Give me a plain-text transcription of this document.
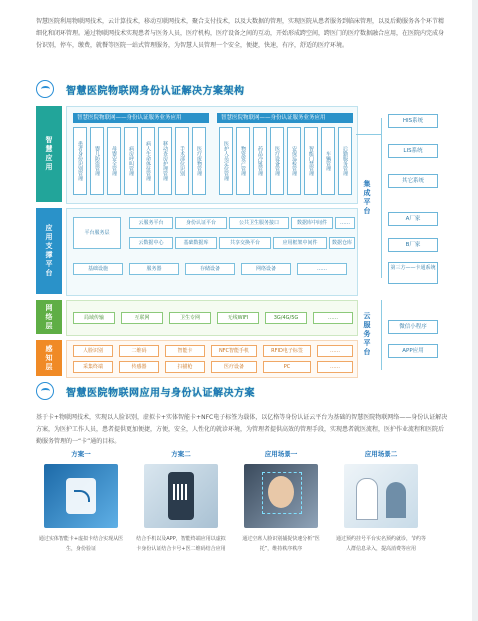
智慧医院利用物联网技术，云计算技术，移动互联网技术，聚合支付技术，以及大数据的管理，实现医院从患者服务到临床管理，以及后勤服务各个环节精细化和闭环管理。通过物联网技术实现患者与医务人员，医疗机构，医疗设备之间的互动，开始形成跨空间，跨医门的医疗数据融合应用，在医院内完成身份识别，停车，缴费，就餐等医院一站式管理服务，为智慧人员管理一个安全，便捷，快速，有序，舒适的医疗环境。
智慧医院物联网身份认证解决方案架构
智慧应用
应用支撑平台
网络层
感知层
智慧医院物联网——身份认证服务业务应用	智慧医院物联网——身份认证服务业务应用
患者身份识别管理	婴儿防盗管理	母婴安全管理	病房呼叫管理	病人生命体征管理	移动查房护理管理	手术部位识别	医疗废物管理	医护人员定位管理	物资资产管理	药品冷链管理	医疗设备管理	安保巡检管理	智能门禁管理	车辆管理	后勤服务管理
平台服务层
云服务平台	身份认证平台	公共卫生服务接口	数据库中间件	……
云数据中心	基础数据库	共享交换平台	应用框架中间件	数据仓库
基础设施	服务器	存储设备	网络设备	……
局域传输	互联网	卫生专网	无线WIFI	3G/4G/5G	……
人脸识别	二维码	智能卡	NFC智能手机	RFID电子标签	……
采集终端	传感器	扫描枪	医疗设备	PC	……
集成平台
HIS系统
LIS系统
其它系统
A厂家
B厂家
第三方——卡通系统
云服务平台	微信小程序
APP应用
智慧医院物联网应用与身份认证解决方案
基于卡+物联网技术，实现以人脸识别，虚拟卡+实体智能卡+NFC电子标签为载体，以亿格等身份认证云平台为基础的智慧医院物联网络——身份认证解决方案，为医护工作人员，患者提供更加便捷，方便，安全，人性化的就诊环境，为管理者提供高效的管理手段，实现患者就医流程，医护作业流程和医院后勤服务管理的一“卡”通的目标。
方案一
通过实体智能卡+虚拟卡结合实现从医生，身份验证
方案二
结合手机以及APP，智能终端应用以虚拟卡身份认证结合卡号+医二维码结合应用
应用场景一
通过空席人脸识别捕捉快速分析“医托”，维持秩序秩序
应用场景二
通过预约挂号平台实名预约就诊，节约等人群信息录入，提高消费等应用
